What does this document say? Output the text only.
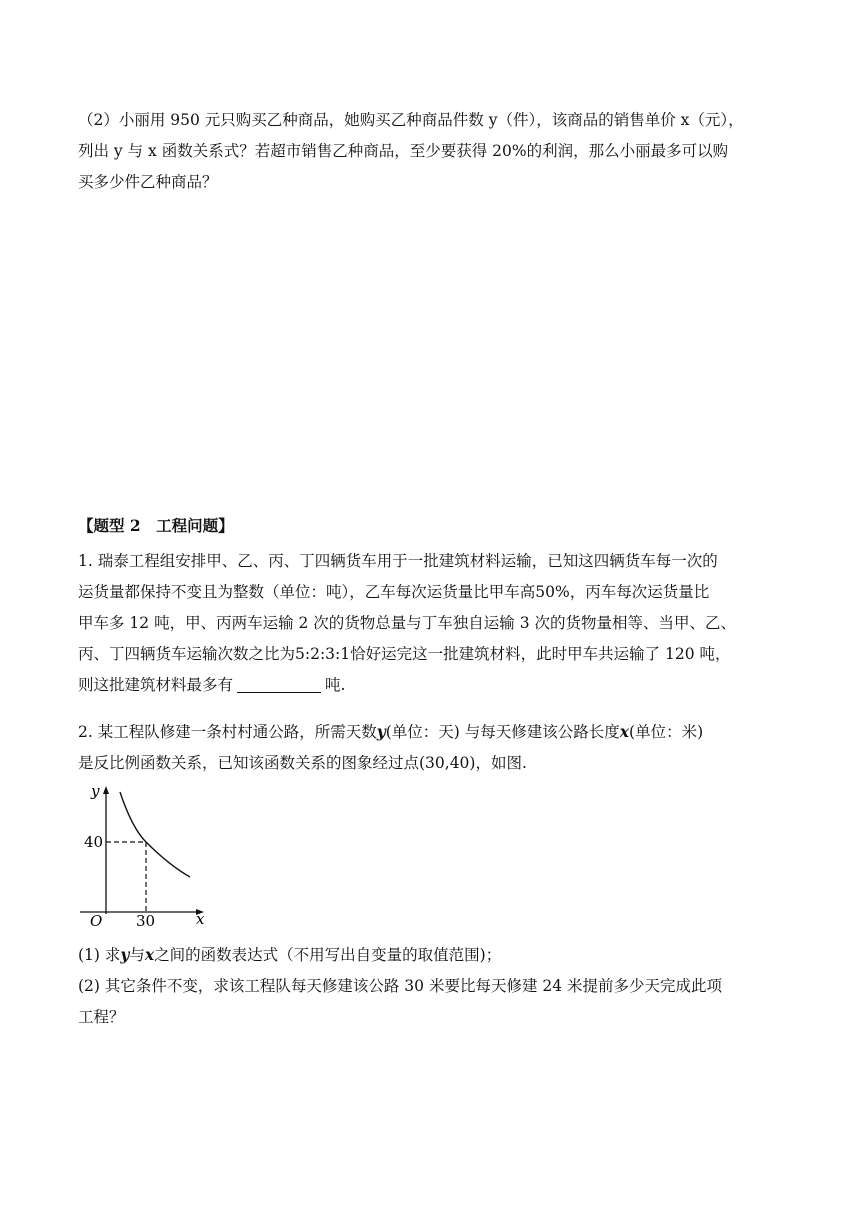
（2）小丽用 950 元只购买乙种商品，她购买乙种商品件数 y（件），该商品的销售单价 x（元），
列出 y 与 x 函数关系式？若超市销售乙种商品，至少要获得 20%的利润，那么小丽最多可以购
买多少件乙种商品？
【题型 2　工程问题】
1. 瑞泰工程组安排甲、乙、丙、丁四辆货车用于一批建筑材料运输，已知这四辆货车每一次的
运货量都保持不变且为整数（单位：吨），乙车每次运货量比甲车高50%，丙车每次运货量比
甲车多 12 吨，甲、丙两车运输 2 次的货物总量与丁车独自运输 3 次的货物量相等、当甲、乙、
丙、丁四辆货车运输次数之比为5:2:3:1恰好运完这一批建筑材料，此时甲车共运输了 120 吨，
则这批建筑材料最多有	吨.
2. 某工程队修建一条村村通公路，所需天数y(单位：天) 与每天修建该公路长度x(单位：米)
是反比例函数关系，已知该函数关系的图象经过点(30,40)，如图.
y
x
O
40
30
(1) 求y与x之间的函数表达式（不用写出自变量的取值范围)；
(2) 其它条件不变，求该工程队每天修建该公路 30 米要比每天修建 24 米提前多少天完成此项
工程？
